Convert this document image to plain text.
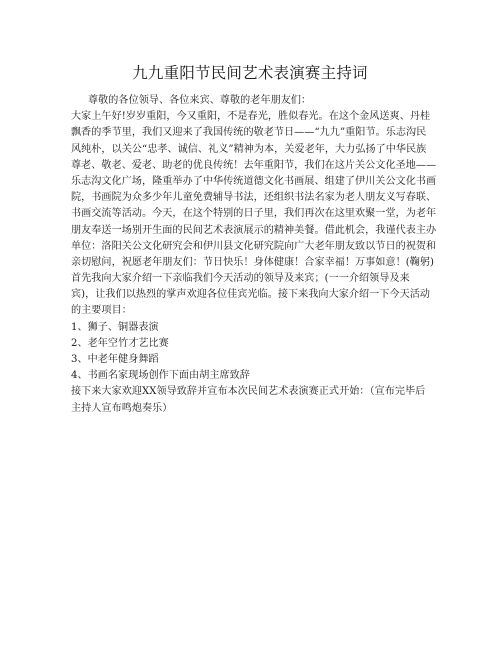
九九重阳节民间艺术表演赛主持词
尊敬的各位领导、各位来宾、尊敬的老年朋友们：
大家上午好!岁岁重阳，今又重阳，不是春光，胜似春光。在这个金风送爽、丹桂
飘香的季节里，我们又迎来了我国传统的敬老节日——“九九”重阳节。乐志沟民
风纯朴，以关公“忠孝、诚信、礼义”精神为本，关爱老年，大力弘扬了中华民族
尊老、敬老、爱老、助老的优良传统！去年重阳节，我们在这片关公文化圣地——
乐志沟文化广场，隆重举办了中华传统道德文化书画展、组建了伊川关公文化书画
院，书画院为众多少年儿童免费辅导书法，还组织书法名家为老人朋友义写春联、
书画交流等活动。今天，在这个特别的日子里，我们再次在这里欢聚一堂，为老年
朋友奉送一场别开生面的民间艺术表演展示的精神美餐。借此机会，我谨代表主办
单位：洛阳关公文化研究会和伊川县文化研究院向广大老年朋友致以节日的祝贺和
亲切慰问，祝愿老年朋友们：节日快乐！身体健康！合家幸福！万事如意！(鞠躬)
首先我向大家介绍一下亲临我们今天活动的领导及来宾；(一一介绍领导及来
宾)，让我们以热烈的掌声欢迎各位佳宾光临。接下来我向大家介绍一下今天活动
的主要项目：
1、狮子、铜器表演
2、老年空竹才艺比赛
3、中老年健身舞蹈
4、书画名家现场创作下面由胡主席致辞
接下来大家欢迎XX领导致辞并宣布本次民间艺术表演赛正式开始：（宣布完毕后
主持人宣布鸣炮奏乐）
